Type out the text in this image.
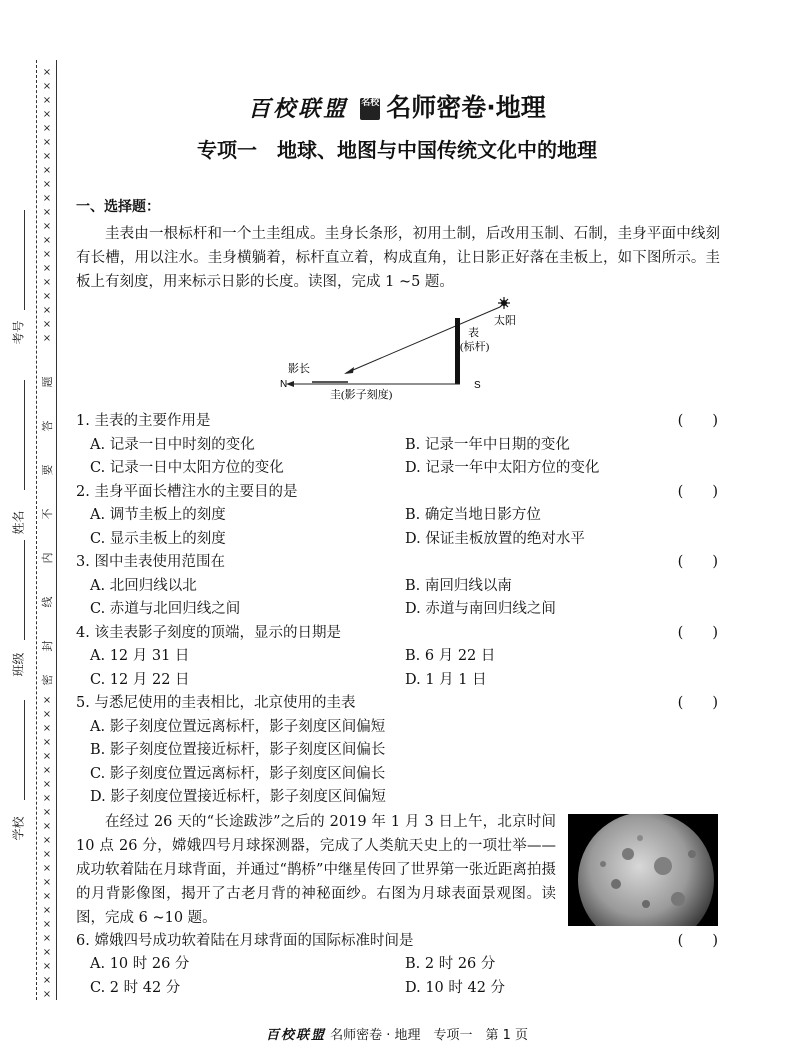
×
×
×
×
×
×
×
×
×
×
×
×
×
×
×
×
×
×
×
×
×
×
×
×
×
×
×
×
×
×
×
×
×
×
×
×
×
×
×
×
×
×
题
答
要
不
内
线
封
密
考号
姓名
班级
学校
百校联盟 名校 名师密卷·地理
专项一　地球、地图与中国传统文化中的地理
一、选择题：

圭表由一根标杆和一个土圭组成。圭身长条形，初用土制，后改用玉制、石制，圭身平面中线刻有长槽，用以注水。圭身横躺着，标杆直立着，构成直角，让日影正好落在圭板上，如下图所示。圭板上有刻度，用来标示日影的长度。读图，完成 1 ~5 题。

太阳
表
(标杆)
N	S
影长
圭(影子刻度)
1. 圭表的主要作用是	(　　)
A. 记录一日中时刻的变化	B. 记录一年中日期的变化
C. 记录一日中太阳方位的变化	D. 记录一年中太阳方位的变化
2. 圭身平面长槽注水的主要目的是	(　　)
A. 调节圭板上的刻度	B. 确定当地日影方位
C. 显示圭板上的刻度	D. 保证圭板放置的绝对水平
3. 图中圭表使用范围在	(　　)
A. 北回归线以北	B. 南回归线以南
C. 赤道与北回归线之间	D. 赤道与南回归线之间
4. 该圭表影子刻度的顶端，显示的日期是	(　　)
A. 12 月 31 日	B. 6 月 22 日
C. 12 月 22 日	D. 1 月 1 日
5. 与悉尼使用的圭表相比，北京使用的圭表	(　　)
A. 影子刻度位置远离标杆，影子刻度区间偏短
B. 影子刻度位置接近标杆，影子刻度区间偏长
C. 影子刻度位置远离标杆，影子刻度区间偏长
D. 影子刻度位置接近标杆，影子刻度区间偏短

在经过 26 天的“长途跋涉”之后的 2019 年 1 月 3 日上午，北京时间 10 点 26 分，嫦娥四号月球探测器，完成了人类航天史上的一项壮举——成功软着陆在月球背面，并通过“鹊桥”中继星传回了世界第一张近距离拍摄的月背影像图，揭开了古老月背的神秘面纱。右图为月球表面景观图。读图，完成 6 ~10 题。

6. 嫦娥四号成功软着陆在月球背面的国际标准时间是	(　　)
A. 10 时 26 分	B. 2 时 26 分
C. 2 时 42 分	D. 10 时 42 分
百校联盟 名师密卷 · 地理　专项一　第 1 页
